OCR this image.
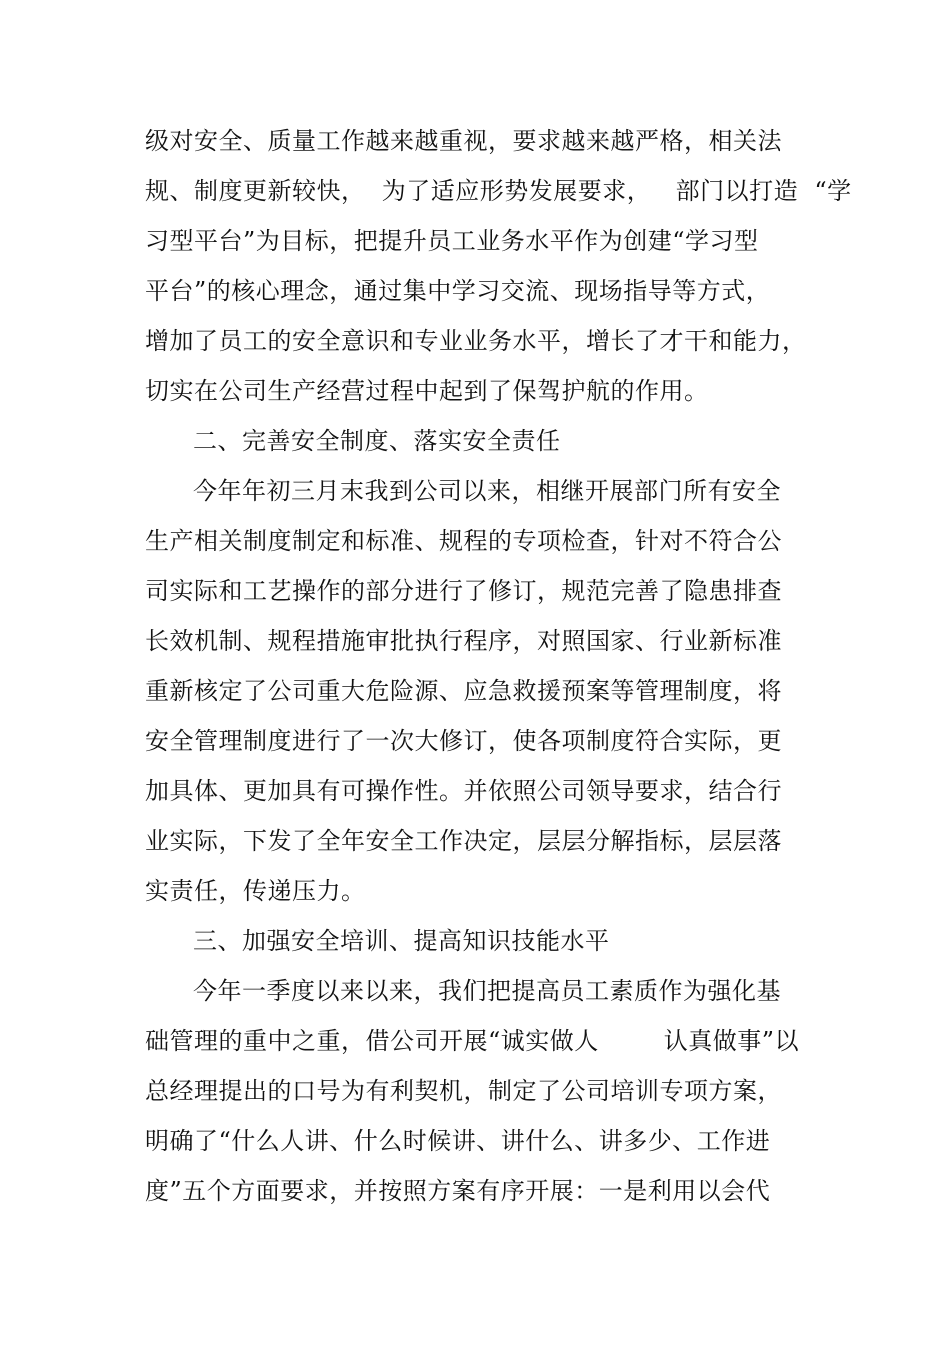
级对安全、质量工作越来越重视，要求越来越严格，相关法
规、制度更新较快，  为了适应形势发展要求，   部门以打造  “学
习型平台”为目标，把提升员工业务水平作为创建“学习型
平台”的核心理念，通过集中学习交流、现场指导等方式，
增加了员工的安全意识和专业业务水平，增长了才干和能力，
切实在公司生产经营过程中起到了保驾护航的作用。
二、完善安全制度、落实安全责任
今年年初三月末我到公司以来，相继开展部门所有安全
生产相关制度制定和标准、规程的专项检查，针对不符合公
司实际和工艺操作的部分进行了修订，规范完善了隐患排查
长效机制、规程措施审批执行程序，对照国家、行业新标准
重新核定了公司重大危险源、应急救援预案等管理制度，将
安全管理制度进行了一次大修订，使各项制度符合实际，更
加具体、更加具有可操作性。并依照公司领导要求，结合行
业实际，下发了全年安全工作决定，层层分解指标，层层落
实责任，传递压力。
三、加强安全培训、提高知识技能水平
今年一季度以来以来，我们把提高员工素质作为强化基
础管理的重中之重，借公司开展“诚实做人        认真做事”以
总经理提出的口号为有利契机，制定了公司培训专项方案，
明确了“什么人讲、什么时候讲、讲什么、讲多少、工作进
度”五个方面要求，并按照方案有序开展：一是利用以会代
